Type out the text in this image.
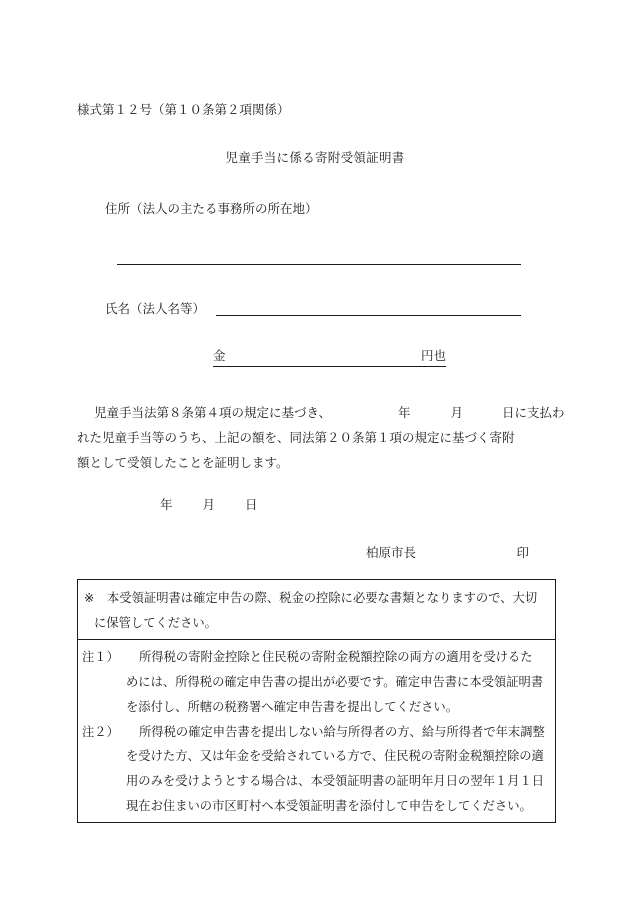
様式第１２号（第１０条第２項関係）
児童手当に係る寄附受領証明書
住所（法人の主たる事務所の所在地）
氏名（法人名等）
金	円也
児童手当法第８条第４項の規定に基づき、	年	月	日に支払わ
れた児童手当等のうち、上記の額を、同法第２０条第１項の規定に基づく寄附
額として受領したことを証明します。
年 月 日
柏原市長	印
※ 本受領証明書は確定申告の際、税金の控除に必要な書類となりますので、大切
に保管してください。
注１） 所得税の寄附金控除と住民税の寄附金税額控除の両方の適用を受けるた
めには、所得税の確定申告書の提出が必要です。確定申告書に本受領証明書
を添付し、所轄の税務署へ確定申告書を提出してください。
注２） 所得税の確定申告書を提出しない給与所得者の方、給与所得者で年末調整
を受けた方、又は年金を受給されている方で、住民税の寄附金税額控除の適
用のみを受けようとする場合は、本受領証明書の証明年月日の翌年１月１日
現在お住まいの市区町村へ本受領証明書を添付して申告をしてください。
